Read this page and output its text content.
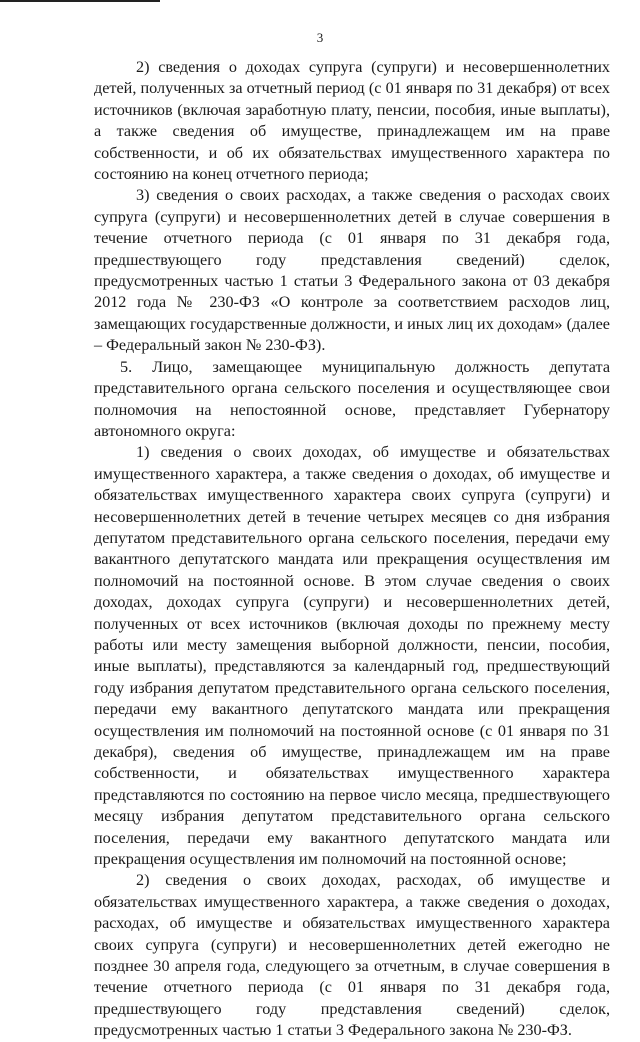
3

2) сведения о доходах супруга (супруги) и несовершеннолетних детей, полученных за отчетный период (с 01 января по 31 декабря) от всех источников (включая заработную плату, пенсии, пособия, иные выплаты), а также сведения об имуществе, принадлежащем им на праве собственности, и об их обязательствах имущественного характера по состоянию на конец отчетного периода;

3) сведения о своих расходах, а также сведения о расходах своих супруга (супруги) и несовершеннолетних детей в случае совершения в течение отчетного периода (с 01 января по 31 декабря года, предшествующего году представления сведений) сделок, предусмотренных частью 1 статьи 3 Федерального закона от 03 декабря 2012 года № 230-ФЗ «О контроле за соответствием расходов лиц, замещающих государственные должности, и иных лиц их доходам» (далее – Федеральный закон № 230-ФЗ).

5. Лицо, замещающее муниципальную должность депутата представительного органа сельского поселения и осуществляющее свои полномочия на непостоянной основе, представляет Губернатору автономного округа:

1) сведения о своих доходах, об имуществе и обязательствах имущественного характера, а также сведения о доходах, об имуществе и обязательствах имущественного характера своих супруга (супруги) и несовершеннолетних детей в течение четырех месяцев со дня избрания депутатом представительного органа сельского поселения, передачи ему вакантного депутатского мандата или прекращения осуществления им полномочий на постоянной основе. В этом случае сведения о своих доходах, доходах супруга (супруги) и несовершеннолетних детей, полученных от всех источников (включая доходы по прежнему месту работы или месту замещения выборной должности, пенсии, пособия, иные выплаты), представляются за календарный год, предшествующий году избрания депутатом представительного органа сельского поселения, передачи ему вакантного депутатского мандата или прекращения осуществления им полномочий на постоянной основе (с 01 января по 31 декабря), сведения об имуществе, принадлежащем им на праве собственности, и обязательствах имущественного характера представляются по состоянию на первое число месяца, предшествующего месяцу избрания депутатом представительного органа сельского поселения, передачи ему вакантного депутатского мандата или прекращения осуществления им полномочий на постоянной основе;

2) сведения о своих доходах, расходах, об имуществе и обязательствах имущественного характера, а также сведения о доходах, расходах, об имуществе и обязательствах имущественного характера своих супруга (супруги) и несовершеннолетних детей ежегодно не позднее 30 апреля года, следующего за отчетным, в случае совершения в течение отчетного периода (с 01 января по 31 декабря года, предшествующего году представления сведений) сделок, предусмотренных частью 1 статьи 3 Федерального закона № 230-ФЗ.
